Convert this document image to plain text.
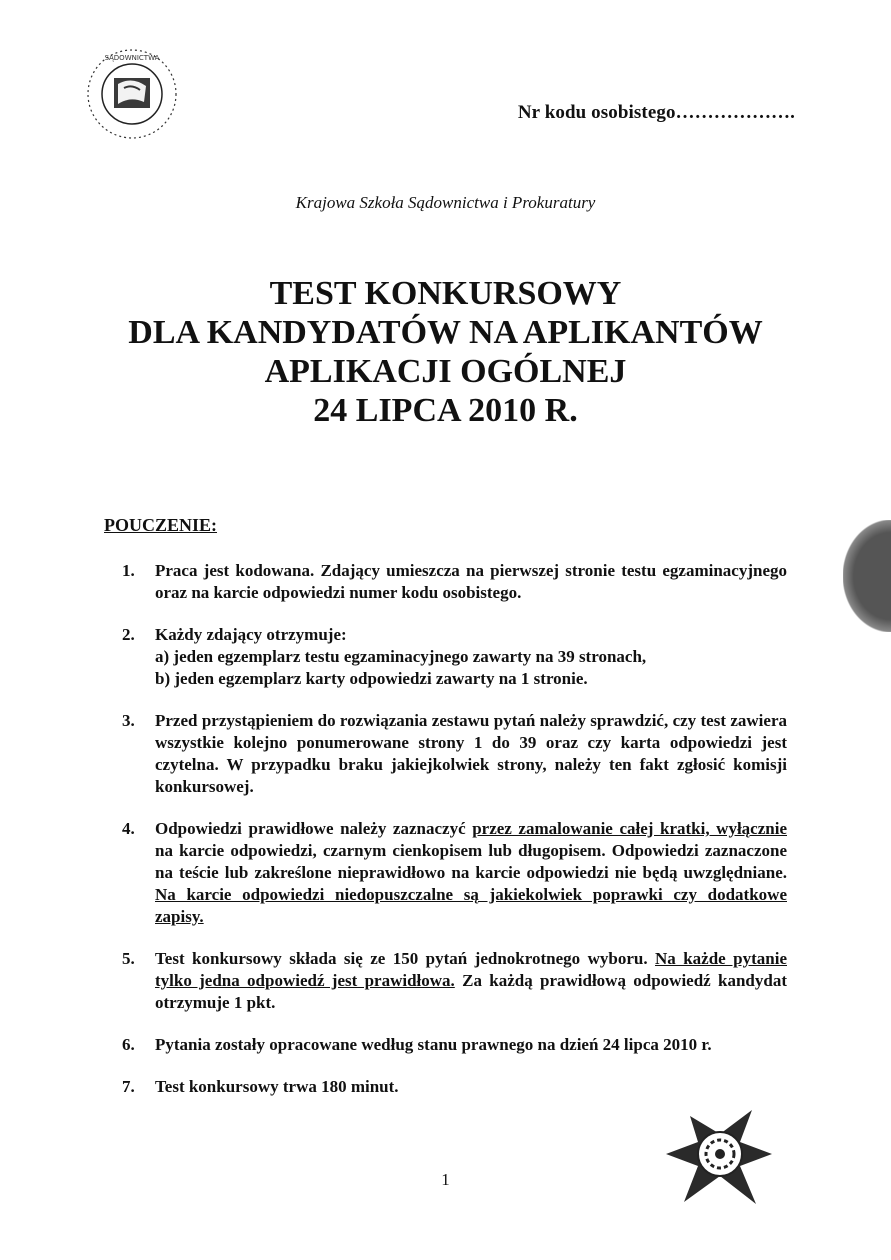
SĄDOWNICTWA
Nr kodu osobistego……………….
Krajowa Szkoła Sądownictwa i Prokuratury
TEST KONKURSOWY
DLA KANDYDATÓW NA APLIKANTÓW
APLIKACJI OGÓLNEJ
24 LIPCA 2010 R.
POUCZENIE:
1. Praca jest kodowana. Zdający umieszcza na pierwszej stronie testu egzaminacyjnego oraz na karcie odpowiedzi numer kodu osobistego.
2. Każdy zdający otrzymuje:
a) jeden egzemplarz testu egzaminacyjnego zawarty na 39 stronach,
b) jeden egzemplarz karty odpowiedzi zawarty na 1 stronie.
3. Przed przystąpieniem do rozwiązania zestawu pytań należy sprawdzić, czy test zawiera wszystkie kolejno ponumerowane strony 1 do 39 oraz czy karta odpowiedzi jest czytelna. W przypadku braku jakiejkolwiek strony, należy ten fakt zgłosić komisji konkursowej.
4. Odpowiedzi prawidłowe należy zaznaczyć przez zamalowanie całej kratki, wyłącznie na karcie odpowiedzi, czarnym cienkopisem lub długopisem. Odpowiedzi zaznaczone na teście lub zakreślone nieprawidłowo na karcie odpowiedzi nie będą uwzględniane. Na karcie odpowiedzi niedopuszczalne są jakiekolwiek poprawki czy dodatkowe zapisy.
5. Test konkursowy składa się ze 150 pytań jednokrotnego wyboru. Na każde pytanie tylko jedna odpowiedź jest prawidłowa. Za każdą prawidłową odpowiedź kandydat otrzymuje 1 pkt.
6. Pytania zostały opracowane według stanu prawnego na dzień 24 lipca 2010 r.
7. Test konkursowy trwa 180 minut.
1
